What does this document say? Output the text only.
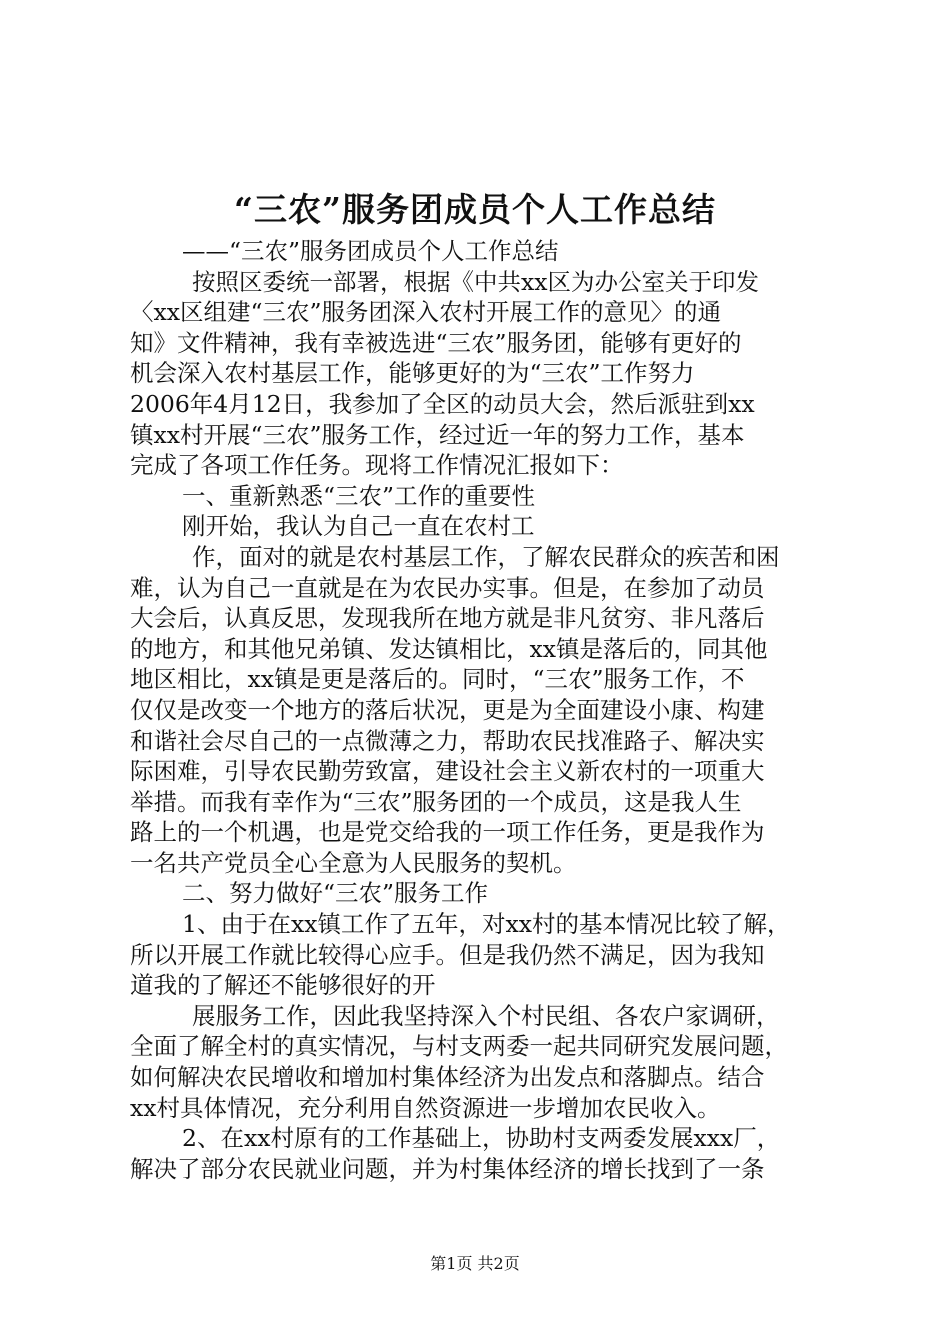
“三农”服务团成员个人工作总结
——“三农”服务团成员个人工作总结
按照区委统一部署，根据《中共xx区为办公室关于印发
〈xx区组建“三农”服务团深入农村开展工作的意见〉的通
知》文件精神，我有幸被选进“三农”服务团，能够有更好的
机会深入农村基层工作，能够更好的为“三农”工作努力
2006年4月12日，我参加了全区的动员大会，然后派驻到xx
镇xx村开展“三农”服务工作，经过近一年的努力工作，基本
完成了各项工作任务。现将工作情况汇报如下：
一、重新熟悉“三农”工作的重要性
刚开始，我认为自己一直在农村工
作，面对的就是农村基层工作，了解农民群众的疾苦和困
难，认为自己一直就是在为农民办实事。但是，在参加了动员
大会后，认真反思，发现我所在地方就是非凡贫穷、非凡落后
的地方，和其他兄弟镇、发达镇相比，xx镇是落后的，同其他
地区相比，xx镇是更是落后的。同时，“三农”服务工作，不
仅仅是改变一个地方的落后状况，更是为全面建设小康、构建
和谐社会尽自己的一点微薄之力，帮助农民找准路子、解决实
际困难，引导农民勤劳致富，建设社会主义新农村的一项重大
举措。而我有幸作为“三农”服务团的一个成员，这是我人生
路上的一个机遇，也是党交给我的一项工作任务，更是我作为
一名共产党员全心全意为人民服务的契机。
二、努力做好“三农”服务工作
1、由于在xx镇工作了五年，对xx村的基本情况比较了解，
所以开展工作就比较得心应手。但是我仍然不满足，因为我知
道我的了解还不能够很好的开
展服务工作，因此我坚持深入个村民组、各农户家调研，
全面了解全村的真实情况，与村支两委一起共同研究发展问题，
如何解决农民增收和增加村集体经济为出发点和落脚点。结合
xx村具体情况，充分利用自然资源进一步增加农民收入。
2、在xx村原有的工作基础上，协助村支两委发展xxx厂，
解决了部分农民就业问题，并为村集体经济的增长找到了一条
第1页 共2页
